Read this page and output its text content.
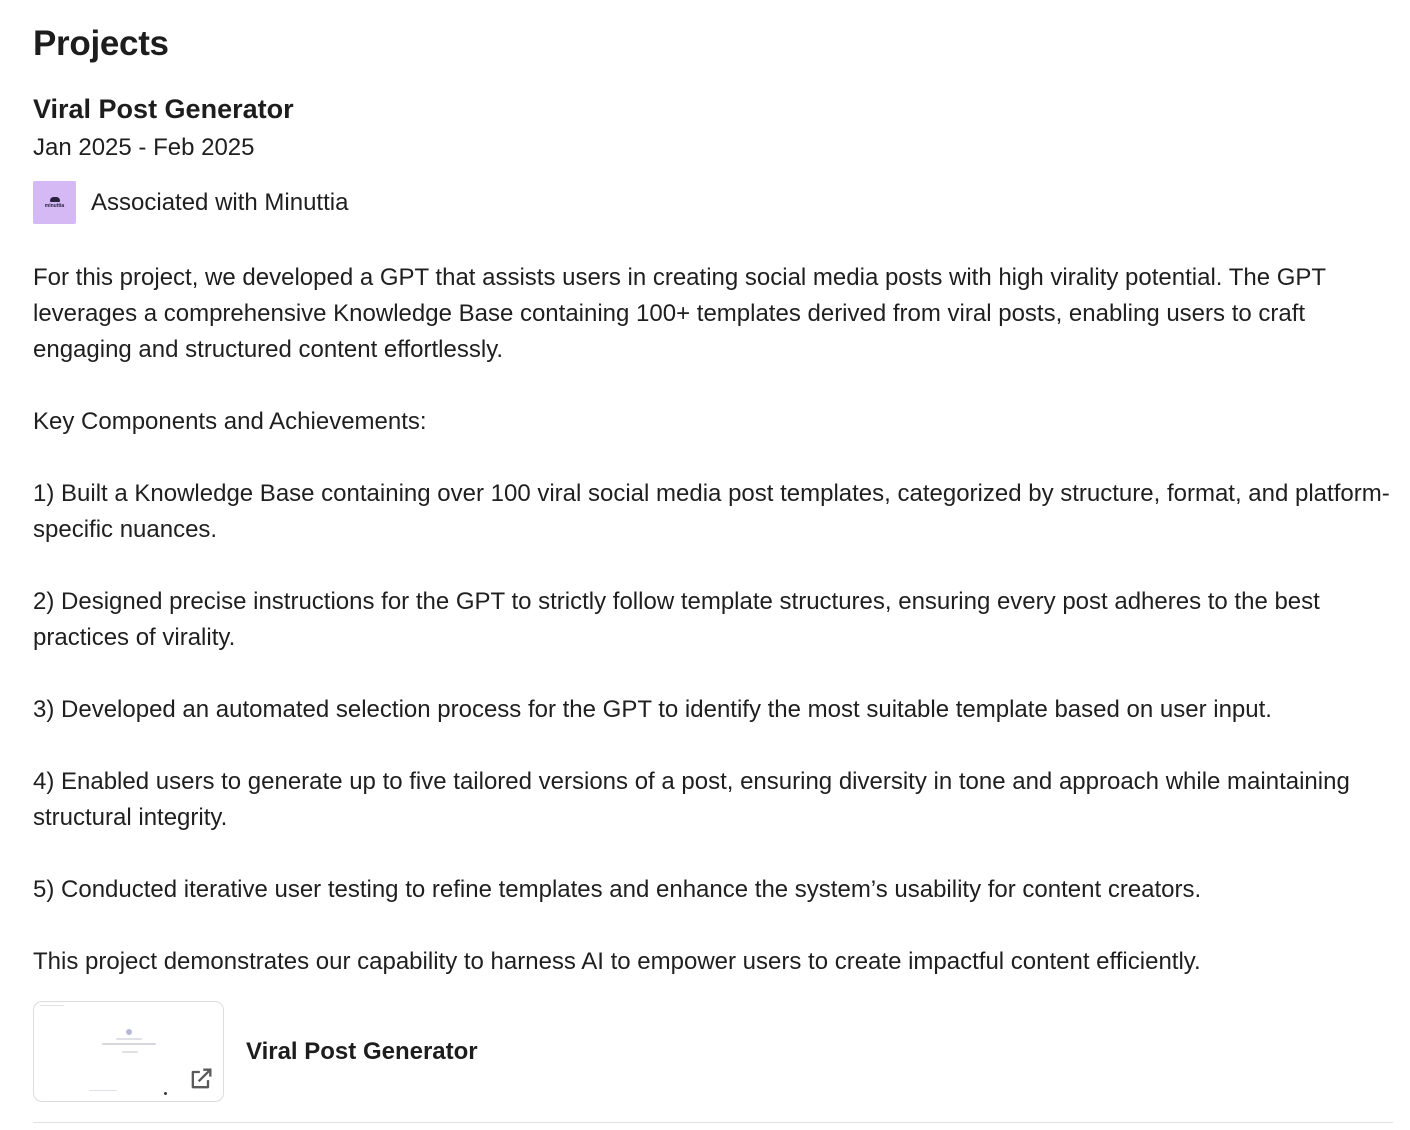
Projects
Viral Post Generator
Jan 2025 - Feb 2025
minuttia Associated with Minuttia

For this project, we developed a GPT that assists users in creating social media posts with high virality potential. The GPT leverages a comprehensive Knowledge Base containing 100+ templates derived from viral posts, enabling users to craft engaging and structured content effortlessly.

Key Components and Achievements:

1) Built a Knowledge Base containing over 100 viral social media post templates, categorized by structure, format, and platform-specific nuances.

2) Designed precise instructions for the GPT to strictly follow template structures, ensuring every post adheres to the best practices of virality.

3) Developed an automated selection process for the GPT to identify the most suitable template based on user input.

4) Enabled users to generate up to five tailored versions of a post, ensuring diversity in tone and approach while maintaining structural integrity.

5) Conducted iterative user testing to refine templates and enhance the system’s usability for content creators.

This project demonstrates our capability to harness AI to empower users to create impactful content efficiently.

Viral Post Generator
